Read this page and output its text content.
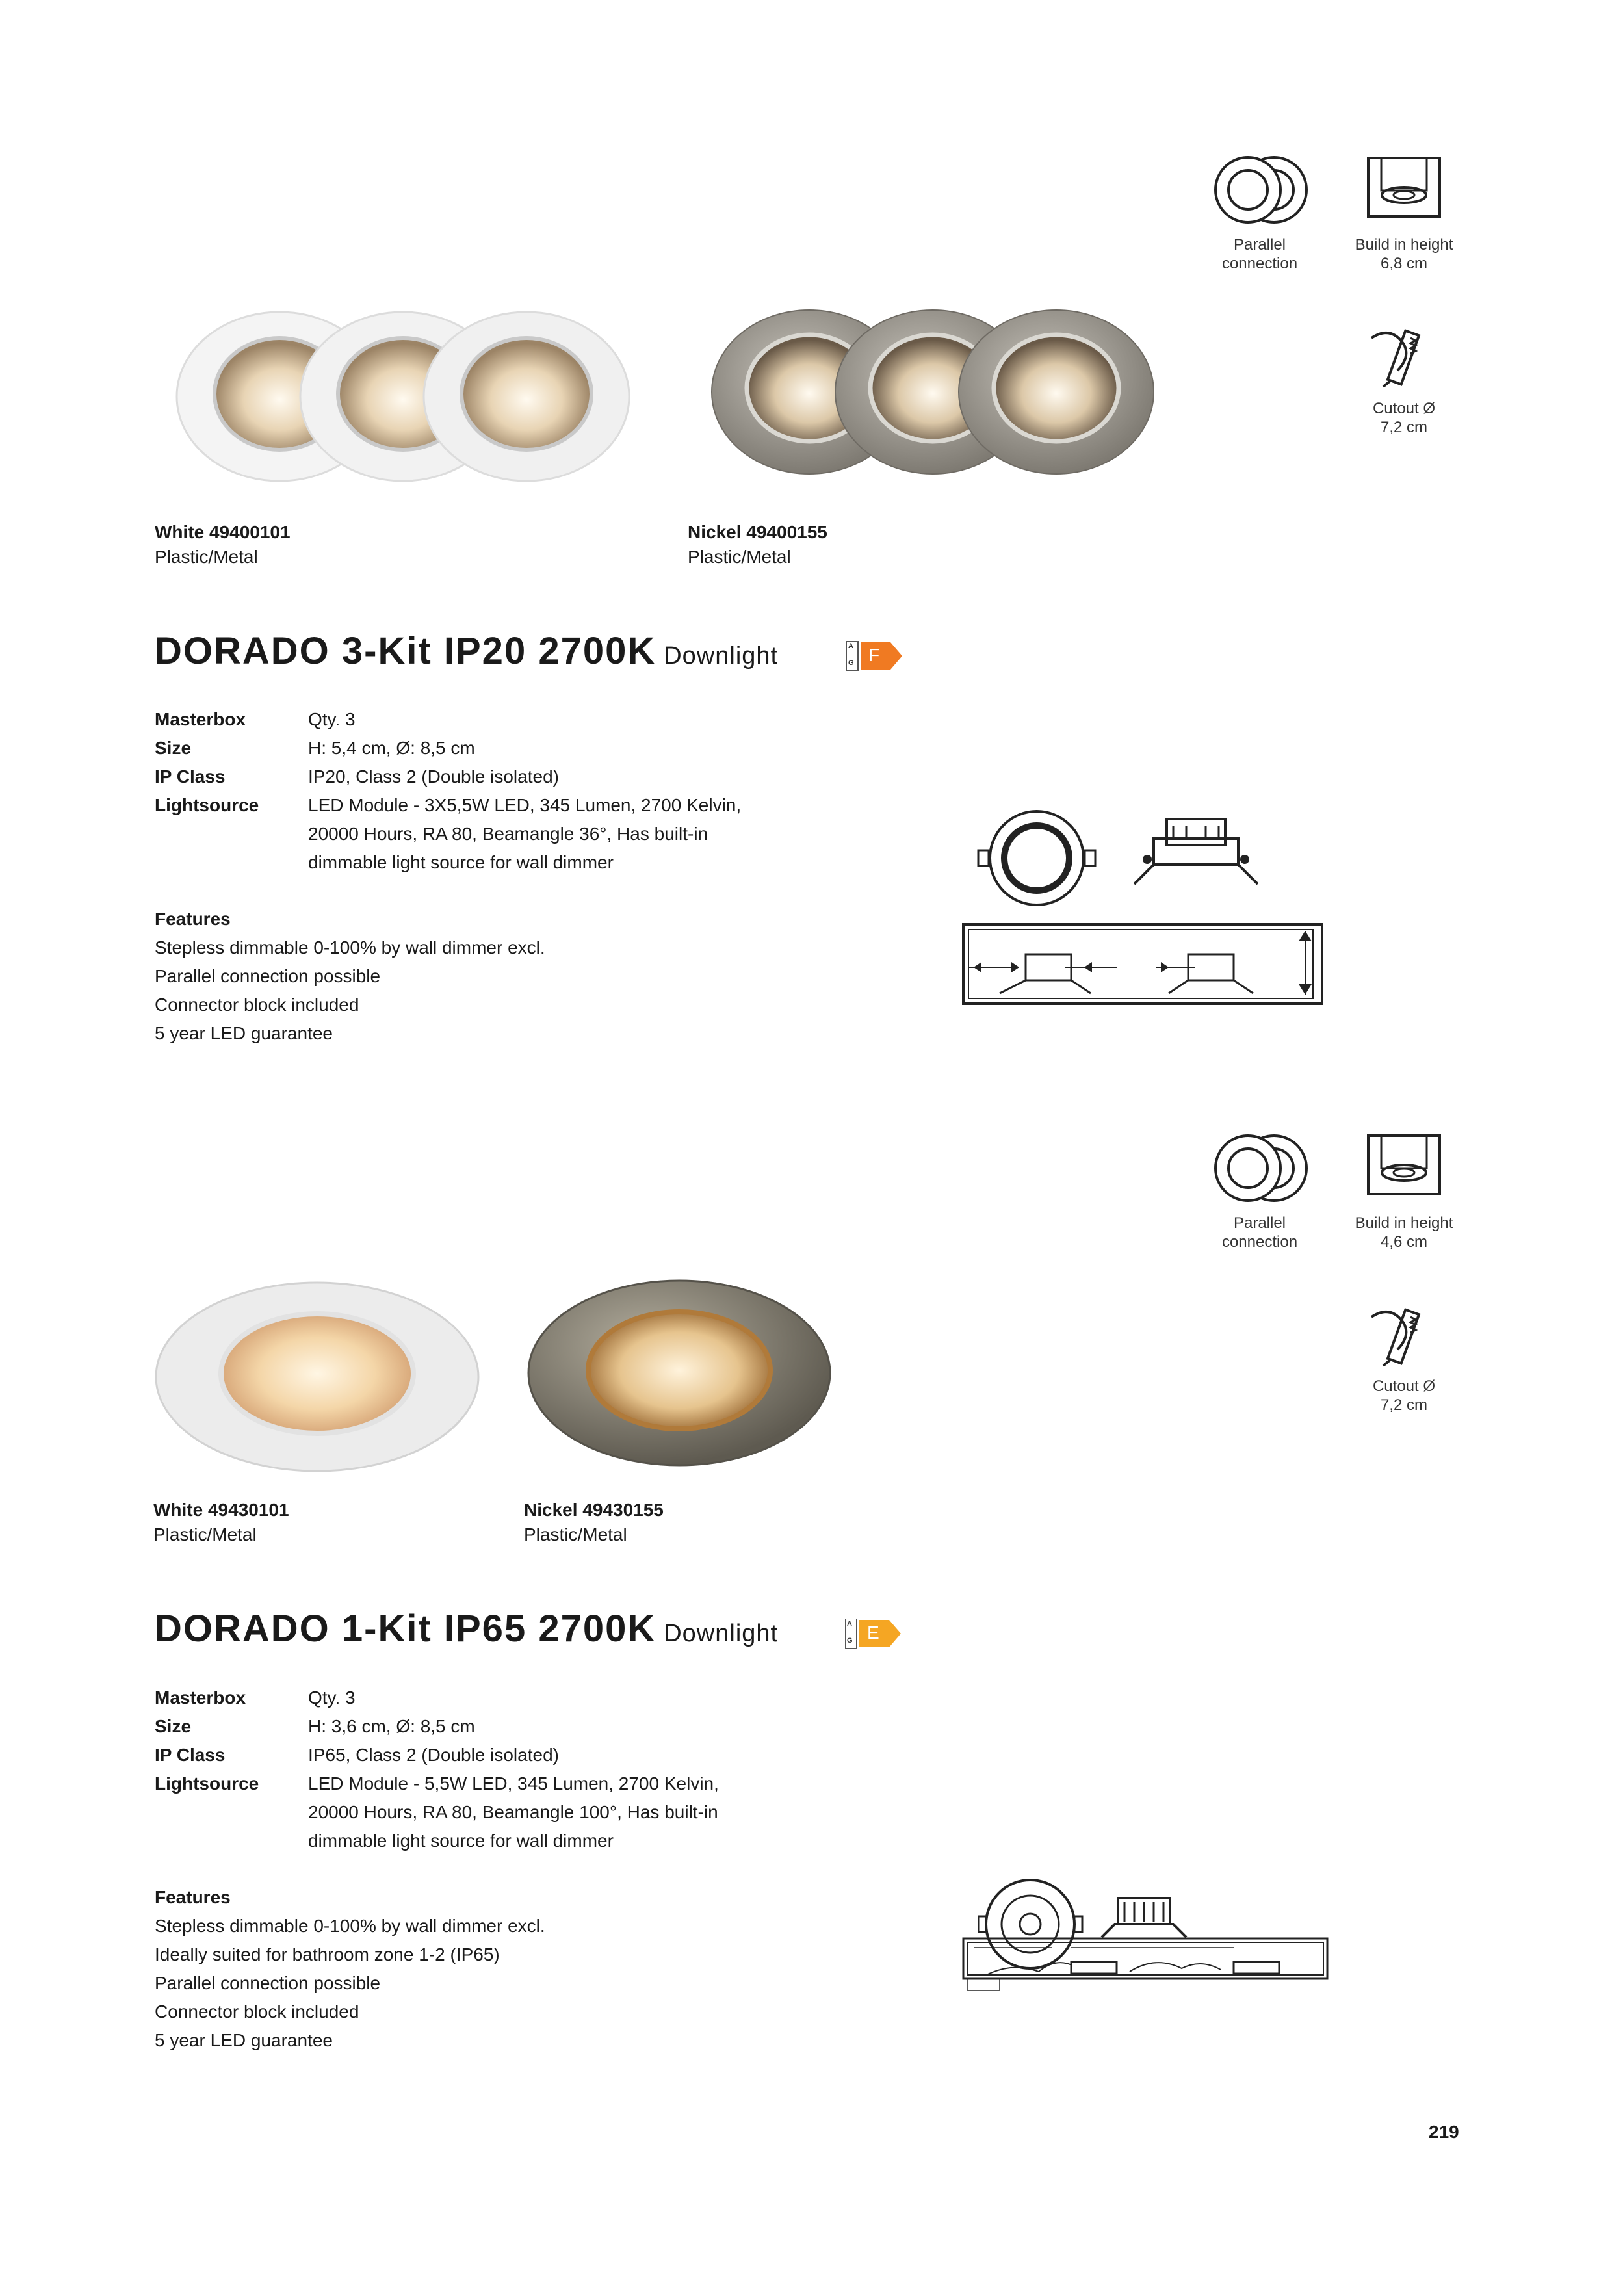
Parallel
connection
Build in height
6,8 cm
Cutout Ø
7,2 cm
White 49400101
Plastic/Metal
Nickel 49400155
Plastic/Metal
DORADO 3-Kit IP20 2700K Downlight	A
G F
Masterbox	Qty. 3
Size	H: 5,4 cm, Ø: 8,5 cm
IP Class	IP20, Class 2 (Double isolated)
Lightsource	LED Module - 3X5,5W LED, 345 Lumen, 2700 Kelvin,
20000 Hours, RA 80, Beamangle 36°, Has built-in
dimmable light source for wall dimmer
Features
Stepless dimmable 0-100% by wall dimmer excl.
Parallel connection possible
Connector block included
5 year LED guarantee
Parallel
connection
Build in height
4,6 cm
Cutout Ø
7,2 cm
White 49430101
Plastic/Metal
Nickel 49430155
Plastic/Metal
DORADO 1-Kit IP65 2700K Downlight	A
G E
Masterbox	Qty. 3
Size	H: 3,6 cm, Ø: 8,5 cm
IP Class	IP65, Class 2 (Double isolated)
Lightsource	LED Module - 5,5W LED, 345 Lumen, 2700 Kelvin,
20000 Hours, RA 80, Beamangle 100°, Has built-in
dimmable light source for wall dimmer
Features
Stepless dimmable 0-100% by wall dimmer excl.
Ideally suited for bathroom zone 1-2 (IP65)
Parallel connection possible
Connector block included
5 year LED guarantee
219
